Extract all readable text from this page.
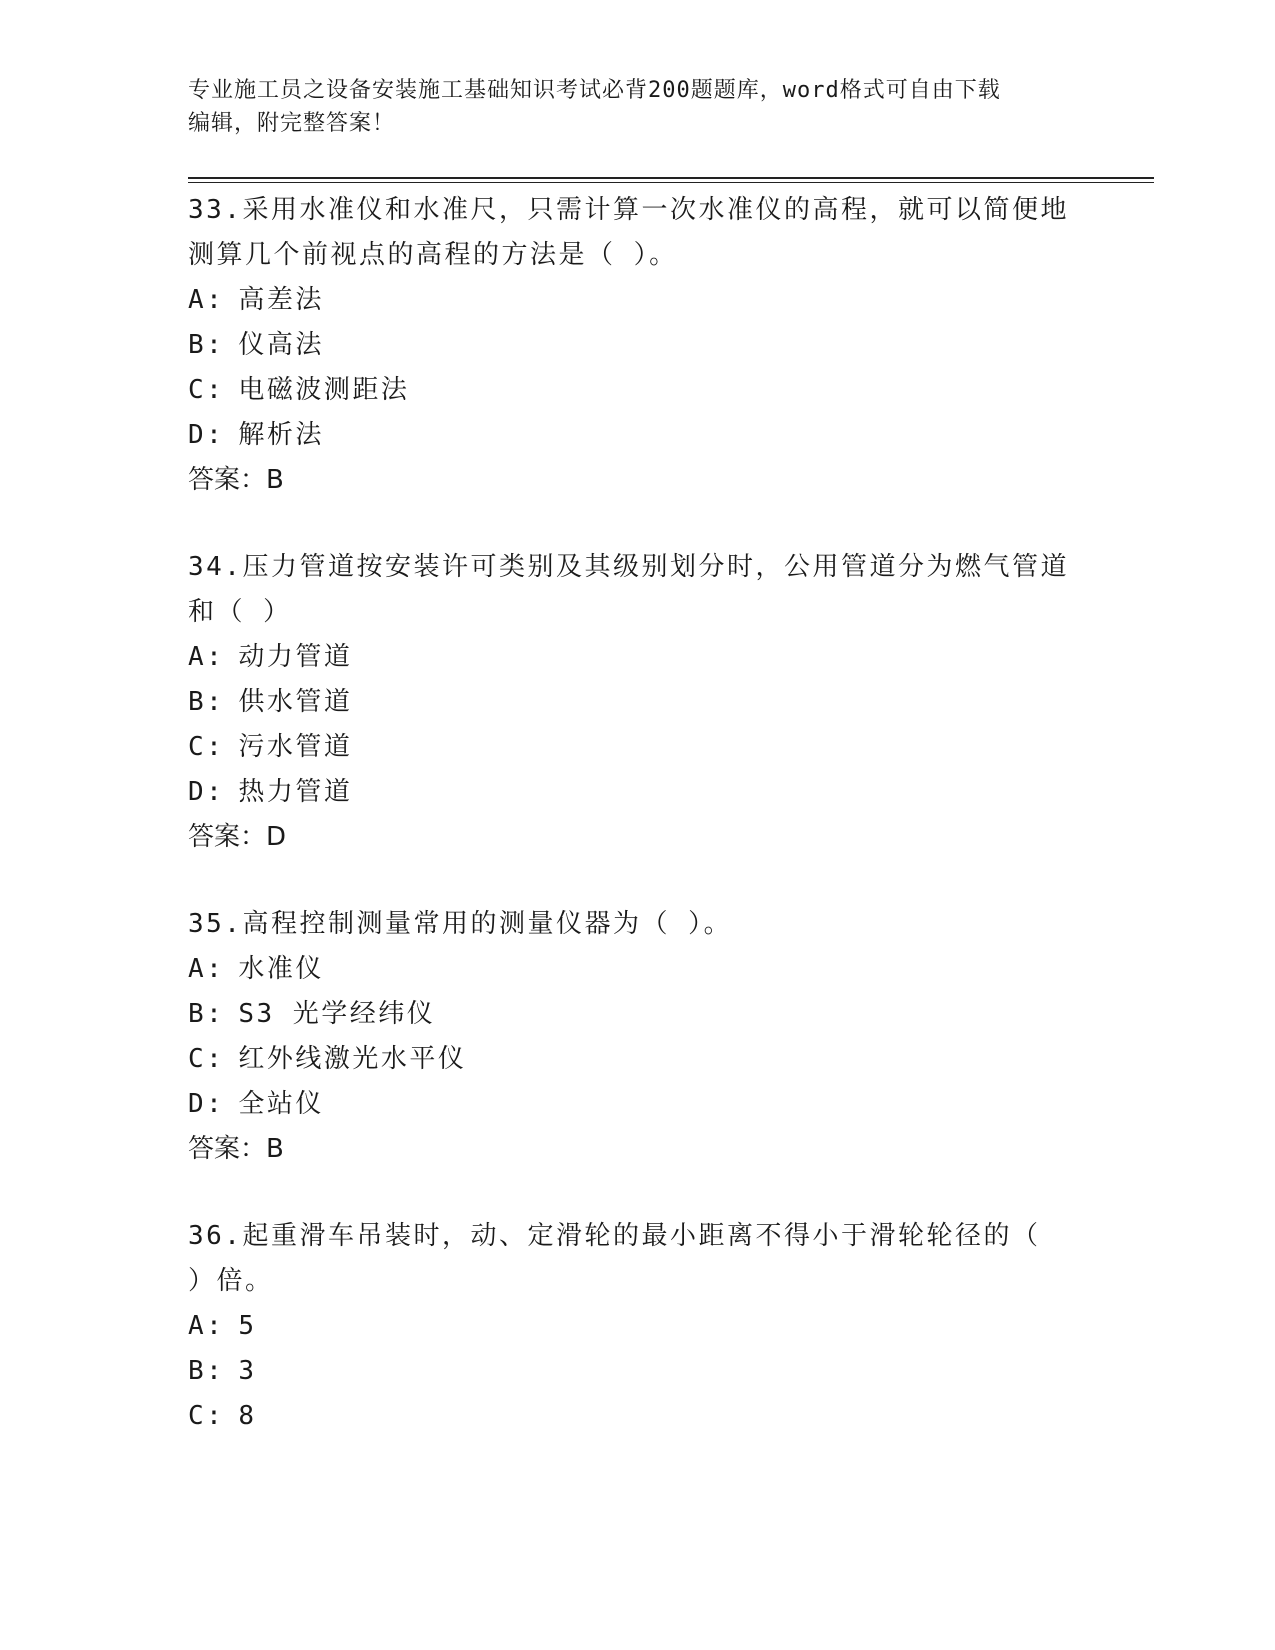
专业施工员之设备安装施工基础知识考试必背200题题库，word格式可自由下载
编辑，附完整答案！

33.采用水准仪和水准尺，只需计算一次水准仪的高程，就可以简便地

测算几个前视点的高程的方法是（ ）。

A: 高差法

B: 仪高法

C: 电磁波测距法

D: 解析法

答案：B

34.压力管道按安装许可类别及其级别划分时，公用管道分为燃气管道

和（ ）

A: 动力管道

B: 供水管道

C: 污水管道

D: 热力管道

答案：D

35.高程控制测量常用的测量仪器为（ ）。

A: 水准仪

B: S3 光学经纬仪

C: 红外线激光水平仪

D: 全站仪

答案：B

36.起重滑车吊装时，动、定滑轮的最小距离不得小于滑轮轮径的（

）倍。

A: 5

B: 3

C: 8
